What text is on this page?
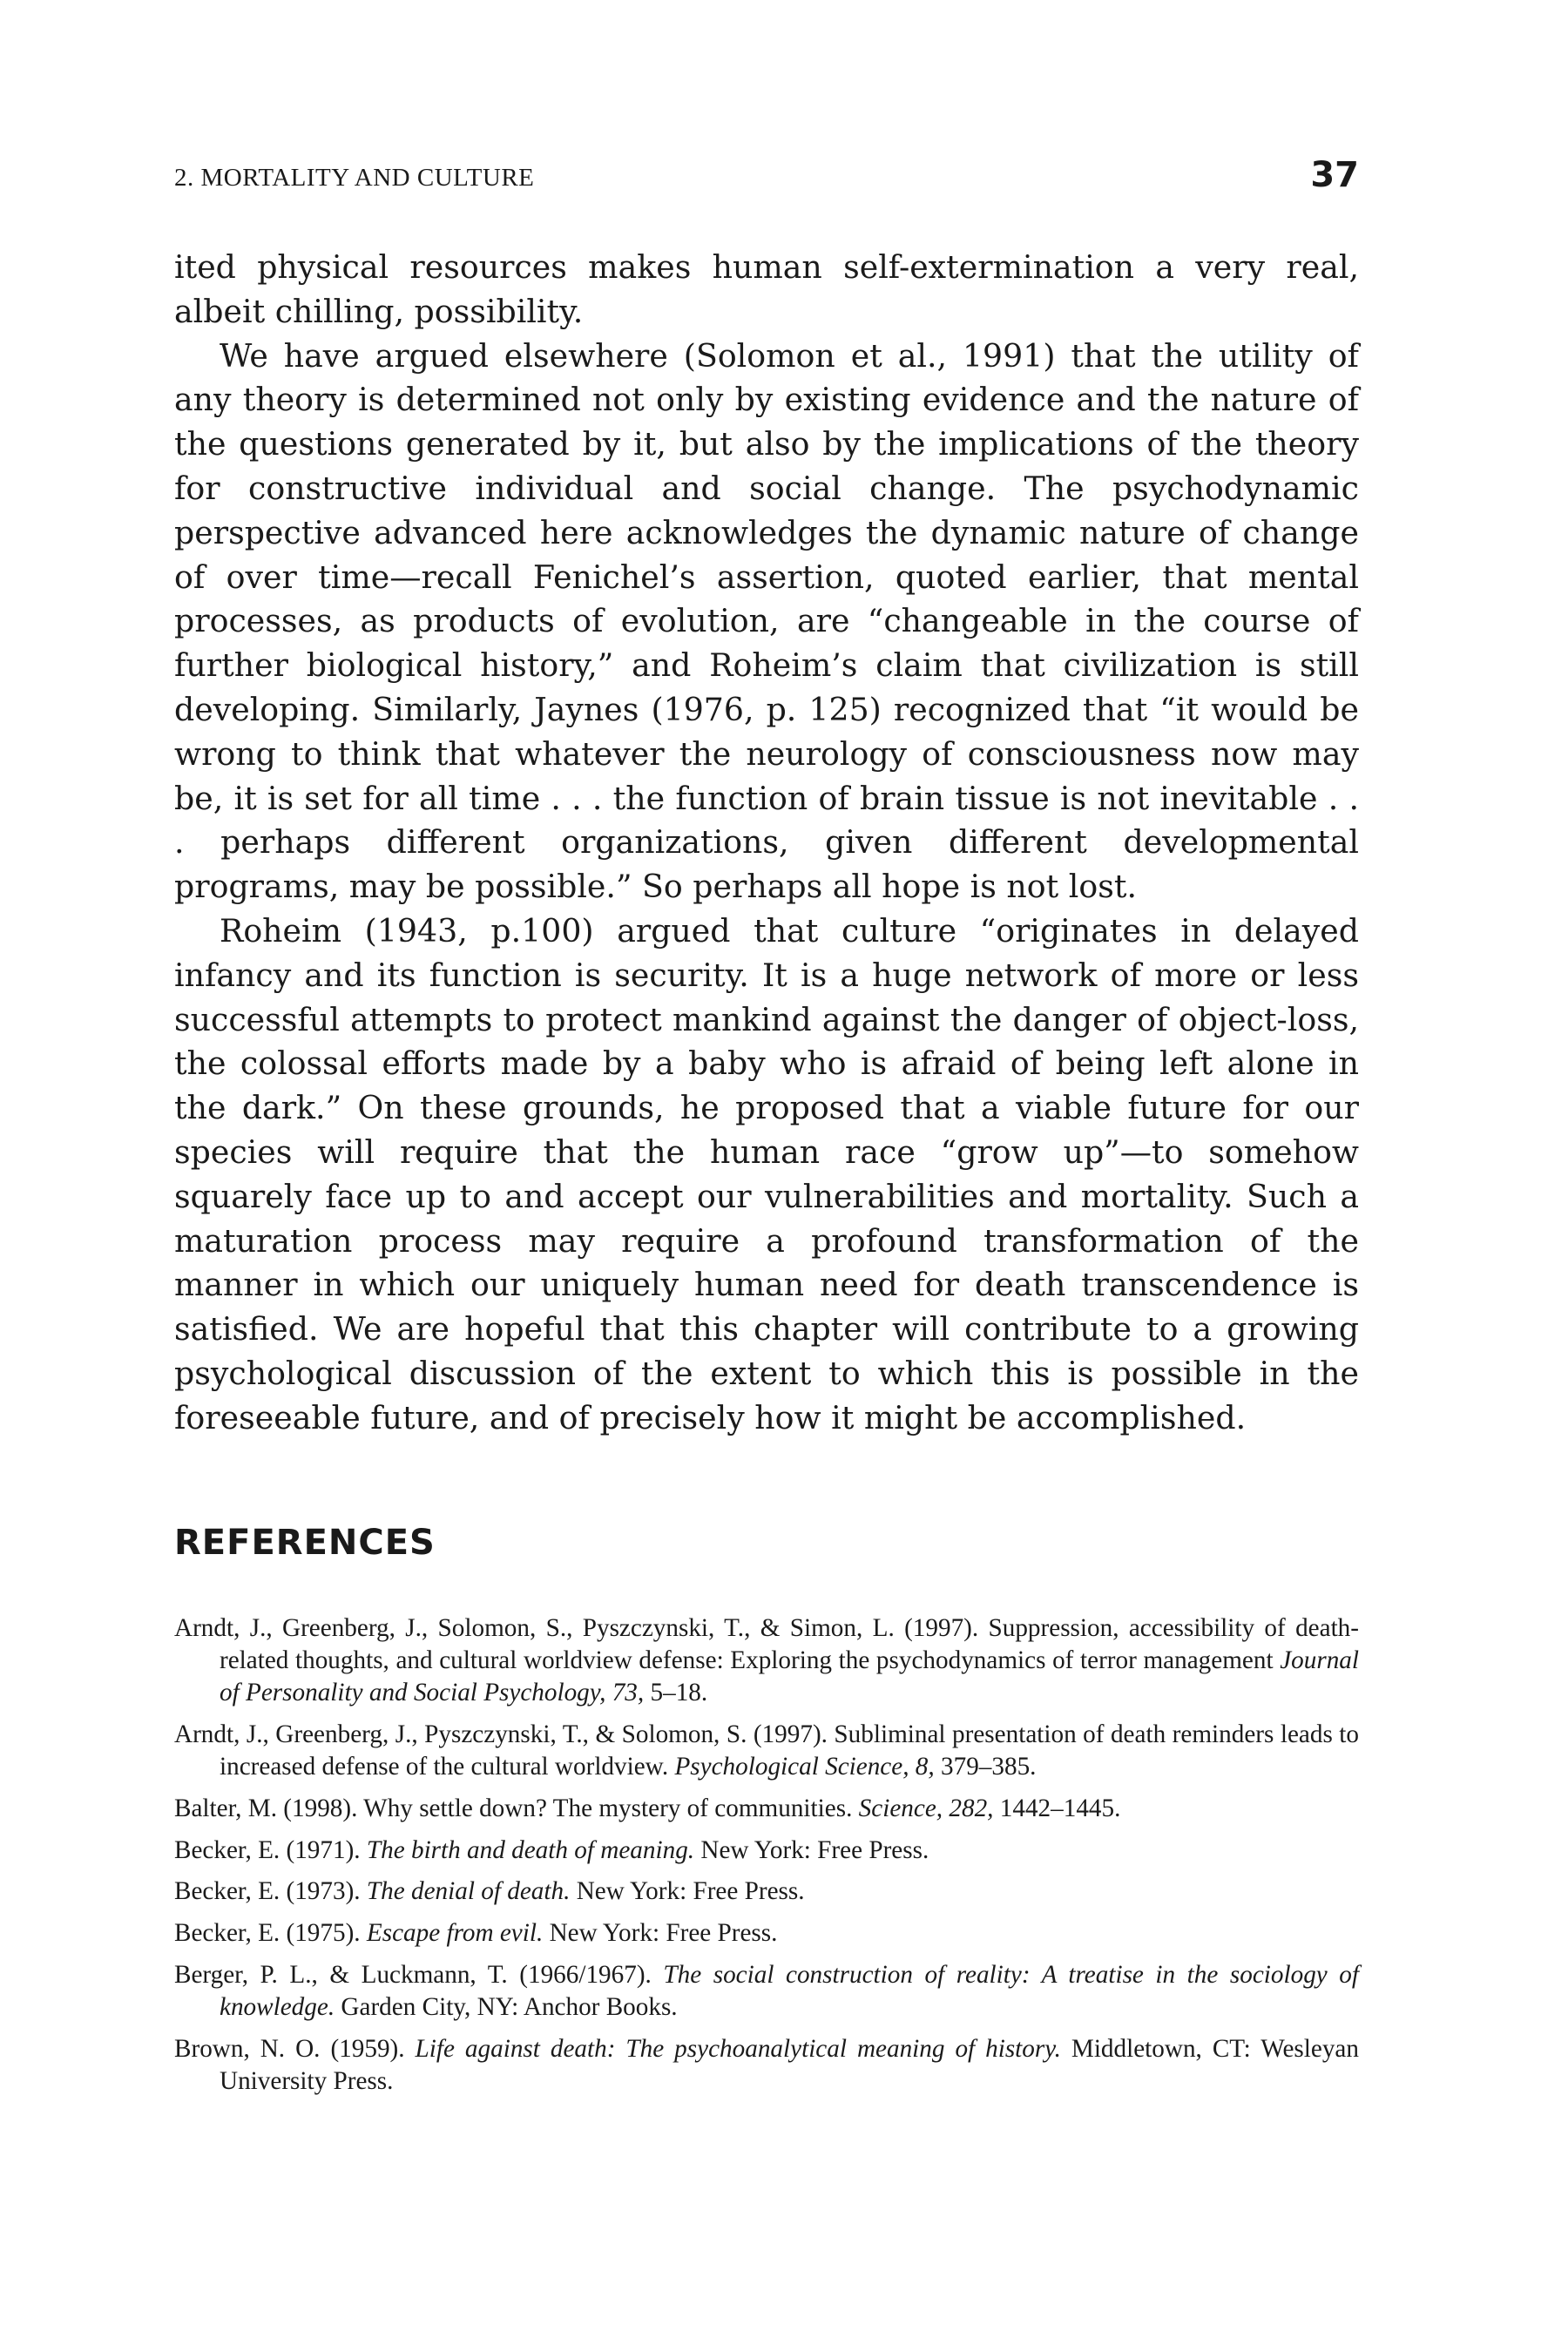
2. MORTALITY AND CULTURE	37

ited physical resources makes human self-extermination a very real, albeit chilling, possibility.

We have argued elsewhere (Solomon et al., 1991) that the utility of any theory is determined not only by existing evidence and the nature of the questions generated by it, but also by the implications of the theory for constructive individual and social change. The psychodynamic perspective advanced here acknowledges the dynamic nature of change of over time—recall Fenichel’s assertion, quoted earlier, that mental processes, as products of evolution, are “changeable in the course of further biological history,” and Roheim’s claim that civilization is still developing. Similarly, Jaynes (1976, p. 125) recognized that “it would be wrong to think that whatever the neurology of consciousness now may be, it is set for all time . . . the function of brain tissue is not inevitable . . . perhaps different organizations, given different developmental programs, may be possible.” So perhaps all hope is not lost.

Roheim (1943, p.100) argued that culture “originates in delayed infancy and its function is security. It is a huge network of more or less successful attempts to protect mankind against the danger of object-loss, the colossal efforts made by a baby who is afraid of being left alone in the dark.” On these grounds, he proposed that a viable future for our species will require that the human race “grow up”—to somehow squarely face up to and accept our vulnerabilities and mortality. Such a maturation process may require a profound transformation of the manner in which our uniquely human need for death transcendence is satisfied. We are hopeful that this chapter will contribute to a growing psychological discussion of the extent to which this is possible in the foreseeable future, and of precisely how it might be accomplished.

REFERENCES
Arndt, J., Greenberg, J., Solomon, S., Pyszczynski, T., & Simon, L. (1997). Suppression, accessibility of death-related thoughts, and cultural worldview defense: Exploring the psychodynamics of terror management Journal of Personality and Social Psychology, 73, 5–18.
Arndt, J., Greenberg, J., Pyszczynski, T., & Solomon, S. (1997). Subliminal presentation of death reminders leads to increased defense of the cultural worldview. Psychological Science, 8, 379–385.
Balter, M. (1998). Why settle down? The mystery of communities. Science, 282, 1442–1445.
Becker, E. (1971). The birth and death of meaning. New York: Free Press.
Becker, E. (1973). The denial of death. New York: Free Press.
Becker, E. (1975). Escape from evil. New York: Free Press.
Berger, P. L., & Luckmann, T. (1966/1967). The social construction of reality: A treatise in the sociology of knowledge. Garden City, NY: Anchor Books.
Brown, N. O. (1959). Life against death: The psychoanalytical meaning of history. Middletown, CT: Wesleyan University Press.
